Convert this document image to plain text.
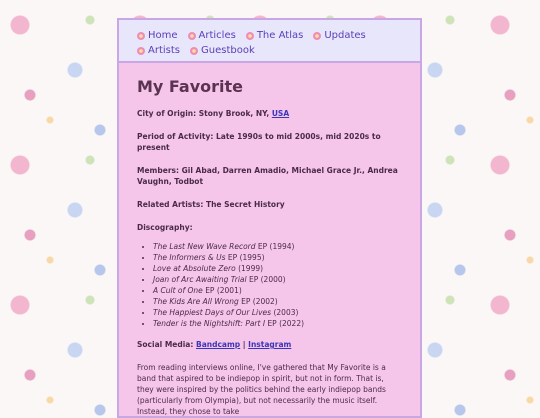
Home Articles The Atlas Updates
Artists Guestbook
My Favorite

City of Origin: Stony Brook, NY, USA

Period of Activity: Late 1990s to mid 2000s, mid 2020s to present

Members: Gil Abad, Darren Amadio, Michael Grace Jr., Andrea Vaughn, Todbot

Related Artists: The Secret History

Discography:

• The Last New Wave Record EP (1994)
• The Informers & Us EP (1995)
• Love at Absolute Zero (1999)
• Joan of Arc Awaiting Trial EP (2000)
• A Cult of One EP (2001)
• The Kids Are All Wrong EP (2002)
• The Happiest Days of Our Lives (2003)
• Tender is the Nightshift: Part I EP (2022)

Social Media: Bandcamp | Instagram

From reading interviews online, I've gathered that My Favorite is a band that aspired to be indiepop in spirit, but not in form. That is, they were inspired by the politics behind the early indiepop bands (particularly from Olympia), but not necessarily the music itself. Instead, they chose to take
